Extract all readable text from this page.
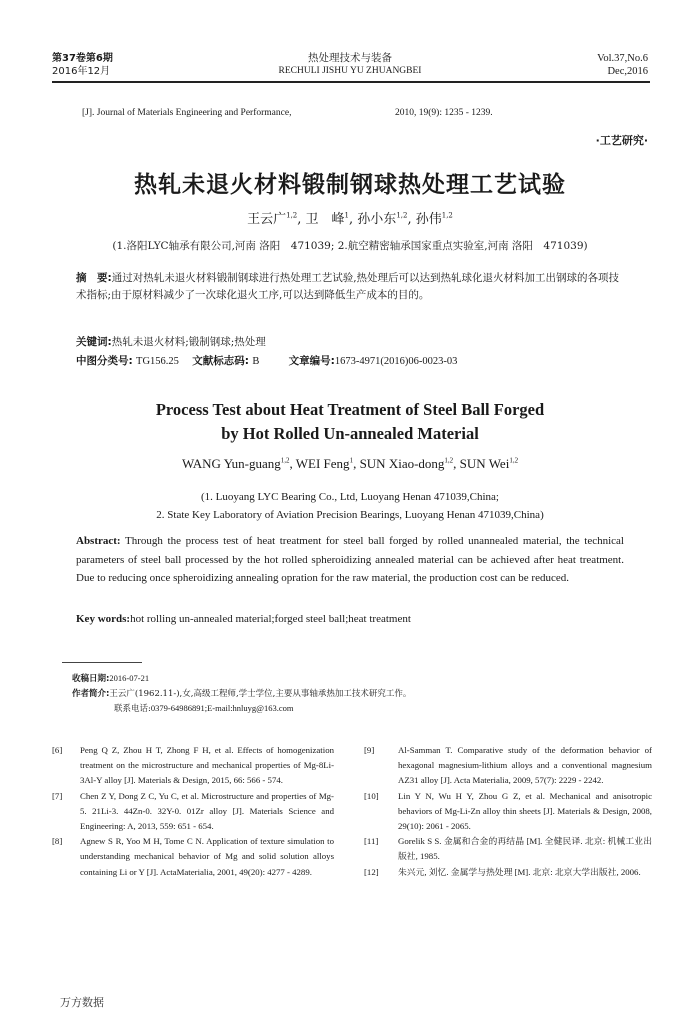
第37卷第6期
2016年12月
热处理技术与装备
RECHULI JISHU YU ZHUANGBEI
Vol.37,No.6
Dec,2016
[J]. Journal of Materials Engineering and Performance,	2010, 19(9): 1235 - 1239.
·工艺研究·
热轧未退火材料锻制钢球热处理工艺试验
王云广$^{1,2}$, 卫　峰$^1$, 孙小东$^{1,2}$, 孙伟$^{1,2}$
(1.洛阳LYC轴承有限公司,河南 洛阳　471039; 2.航空精密轴承国家重点实验室,河南 洛阳　471039)
摘　要:通过对热轧未退火材料锻制钢球进行热处理工艺试验,热处理后可以达到热轧球化退火材料加工出钢球的各项技术指标;由于原材料减少了一次球化退火工序,可以达到降低生产成本的目的。
关键词:热轧未退火材料;锻制钢球;热处理
中图分类号: TG156.25 文献标志码: B	文章编号:1673-4971(2016)06-0023-03
Process Test about Heat Treatment of Steel Ball Forged
by Hot Rolled Un-annealed Material
WANG Yun-guang$^{1,2}$, WEI Feng$^1$, SUN Xiao-dong$^{1,2}$, SUN Wei$^{1,2}$
(1. Luoyang LYC Bearing Co., Ltd, Luoyang Henan 471039,China;
2. State Key Laboratory of Aviation Precision Bearings, Luoyang Henan 471039,China)
Abstract: Through the process test of heat treatment for steel ball forged by rolled unannealed material, the technical parameters of steel ball processed by the hot rolled spheroidizing annealed material can be achieved after heat treatment. Due to reducing once spheroidizing annealing opration for the raw material, the production cost can be reduced.
Key words:hot rolling un-annealed material;forged steel ball;heat treatment
收稿日期:2016-07-21
作者简介:王云广(1962.11-),女,高级工程师,学士学位,主要从事轴承热加工技术研究工作。
联系电话:0379-64986891;E-mail:hnluyg@163.com
[6]	Peng Q Z, Zhou H T, Zhong F H, et al. Effects of homogenization treatment on the microstructure and mechanical properties of Mg-8Li-3Al-Y alloy [J]. Materials & Design, 2015, 66: 566 - 574.
[7]	Chen Z Y, Dong Z C, Yu C, et al. Microstructure and properties of Mg-5. 21Li-3. 44Zn-0. 32Y-0. 01Zr alloy [J]. Materials Science and Engineering: A, 2013, 559: 651 - 654.
[8]	Agnew S R, Yoo M H, Tome C N. Application of texture simulation to understanding mechanical behavior of Mg and solid solution alloys containing Li or Y [J]. ActaMaterialia, 2001, 49(20): 4277 - 4289.
[9]	Al-Samman T. Comparative study of the deformation behavior of hexagonal magnesium-lithium alloys and a conventional magnesium AZ31 alloy [J]. Acta Materialia, 2009, 57(7): 2229 - 2242.
[10]	Lin Y N, Wu H Y, Zhou G Z, et al. Mechanical and anisotropic behaviors of Mg-Li-Zn alloy thin sheets [J]. Materials & Design, 2008, 29(10): 2061 - 2065.
[11]	Gorelik S S. 金属和合金的再结晶 [M]. 全健民译. 北京: 机械工业出版社, 1985.
[12]	朱兴元, 刘忆. 金属学与热处理 [M]. 北京: 北京大学出版社, 2006.
万方数据
